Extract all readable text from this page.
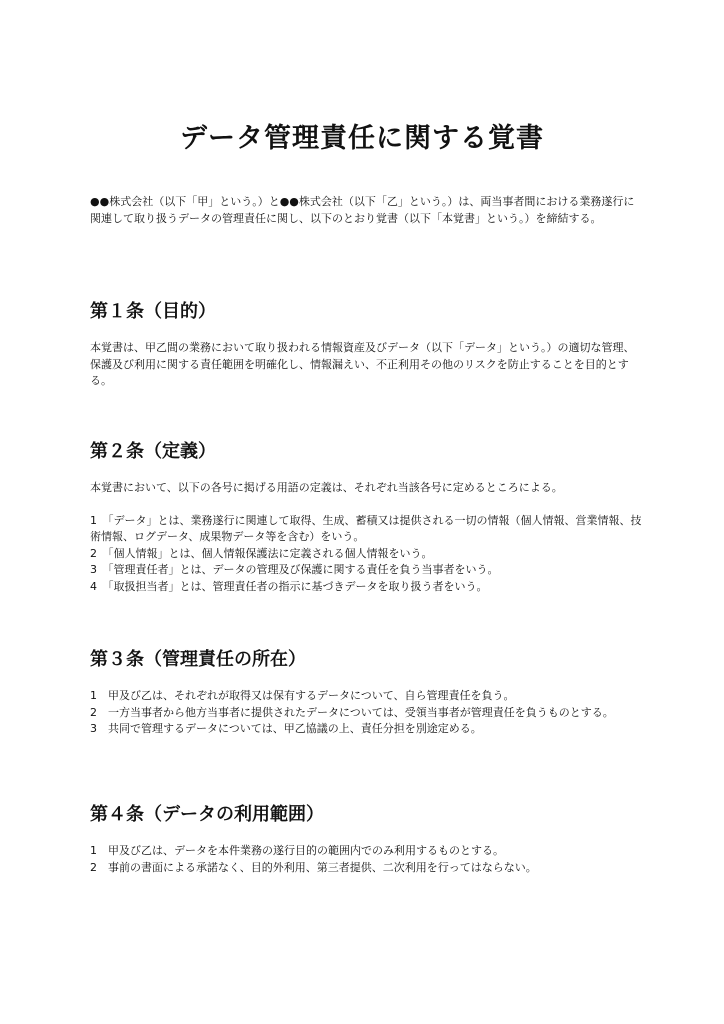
データ管理責任に関する覚書

●●株式会社（以下「甲」という。）と●●株式会社（以下「乙」という。）は、両当事者間における業務遂行に関連して取り扱うデータの管理責任に関し、以下のとおり覚書（以下「本覚書」という。）を締結する。

第１条（目的）

本覚書は、甲乙間の業務において取り扱われる情報資産及びデータ（以下「データ」という。）の適切な管理、保護及び利用に関する責任範囲を明確化し、情報漏えい、不正利用その他のリスクを防止することを目的とする。

第２条（定義）

本覚書において、以下の各号に掲げる用語の定義は、それぞれ当該各号に定めるところによる。

1　「データ」とは、業務遂行に関連して取得、生成、蓄積又は提供される一切の情報（個人情報、営業情報、技術情報、ログデータ、成果物データ等を含む）をいう。
2　「個人情報」とは、個人情報保護法に定義される個人情報をいう。
3　「管理責任者」とは、データの管理及び保護に関する責任を負う当事者をいう。
4　「取扱担当者」とは、管理責任者の指示に基づきデータを取り扱う者をいう。
第３条（管理責任の所在）
1　甲及び乙は、それぞれが取得又は保有するデータについて、自ら管理責任を負う。
2　一方当事者から他方当事者に提供されたデータについては、受領当事者が管理責任を負うものとする。
3　共同で管理するデータについては、甲乙協議の上、責任分担を別途定める。
第４条（データの利用範囲）
1　甲及び乙は、データを本件業務の遂行目的の範囲内でのみ利用するものとする。
2　事前の書面による承諾なく、目的外利用、第三者提供、二次利用を行ってはならない。
